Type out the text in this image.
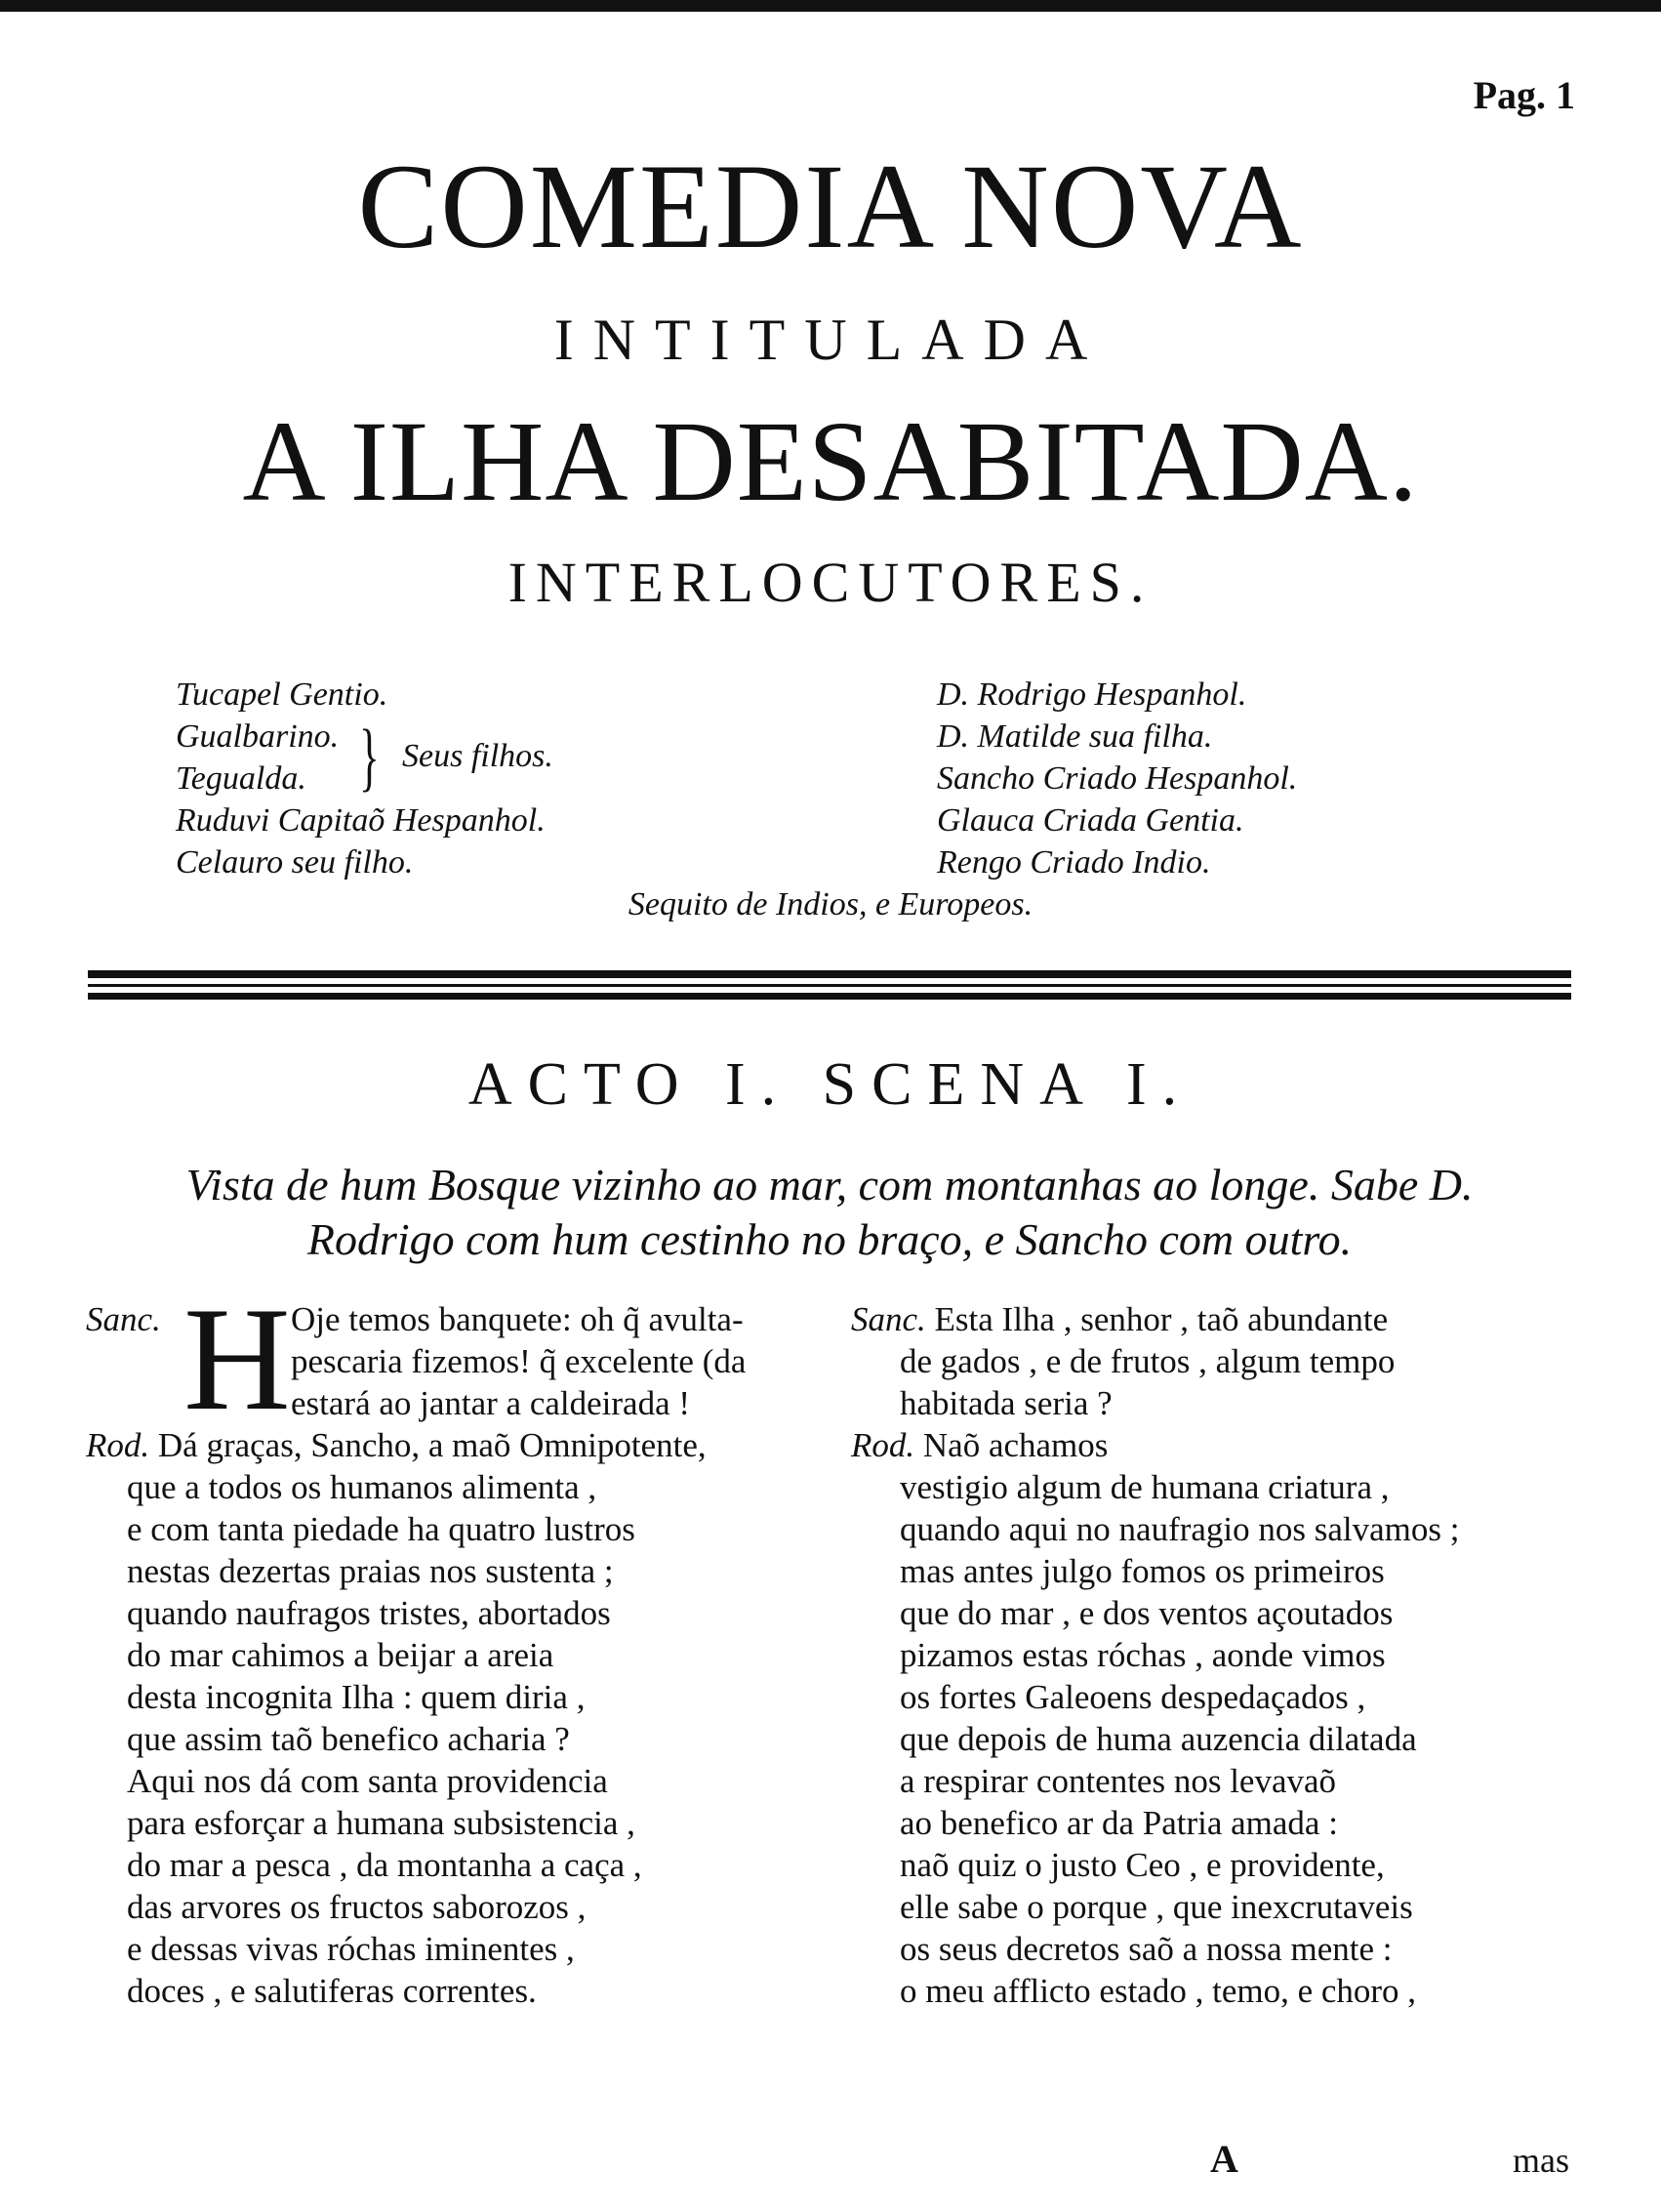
Pag. 1
COMEDIA NOVA
INTITULADA
A ILHA DESABITADA.
INTERLOCUTORES.
Tucapel Gentio.
Gualbarino.
Tegualda. } Seus filhos.
Ruduvi Capitaõ Hespanhol.
Celauro seu filho.
D. Rodrigo Hespanhol.
D. Matilde sua filha.
Sancho Criado Hespanhol.
Glauca Criada Gentia.
Rengo Criado Indio.
Sequito de Indios, e Europeos.
ACTO I. SCENA I.
Vista de hum Bosque vizinho ao mar, com montanhas ao longe. Sabe D.
Rodrigo com hum cestinho no braço, e Sancho com outro.
Sanc. H Oje temos banquete: oh q̃ avulta-
pescaria fizemos! q̃ excelente (da
estará ao jantar a caldeirada !
Rod. Dá graças, Sancho, a maõ Omnipotente,
que a todos os humanos alimenta ,
e com tanta piedade ha quatro lustros
nestas dezertas praias nos sustenta ;
quando naufragos tristes, abortados
do mar cahimos a beijar a areia
desta incognita Ilha : quem diria ,
que assim taõ benefico acharia ?
Aqui nos dá com santa providencia
para esforçar a humana subsistencia ,
do mar a pesca , da montanha a caça ,
das arvores os fructos saborozos ,
e dessas vivas róchas iminentes ,
doces , e salutiferas correntes.
Sanc. Esta Ilha , senhor , taõ abundante
de gados , e de frutos , algum tempo
habitada seria ?
Rod. Naõ achamos
vestigio algum de humana criatura ,
quando aqui no naufragio nos salvamos ;
mas antes julgo fomos os primeiros
que do mar , e dos ventos açoutados
pizamos estas róchas , aonde vimos
os fortes Galeoens despedaçados ,
que depois de huma auzencia dilatada
a respirar contentes nos levavaõ
ao benefico ar da Patria amada :
naõ quiz o justo Ceo , e providente,
elle sabe o porque , que inexcrutaveis
os seus decretos saõ a nossa mente :
o meu afflicto estado , temo, e choro ,
A	mas
